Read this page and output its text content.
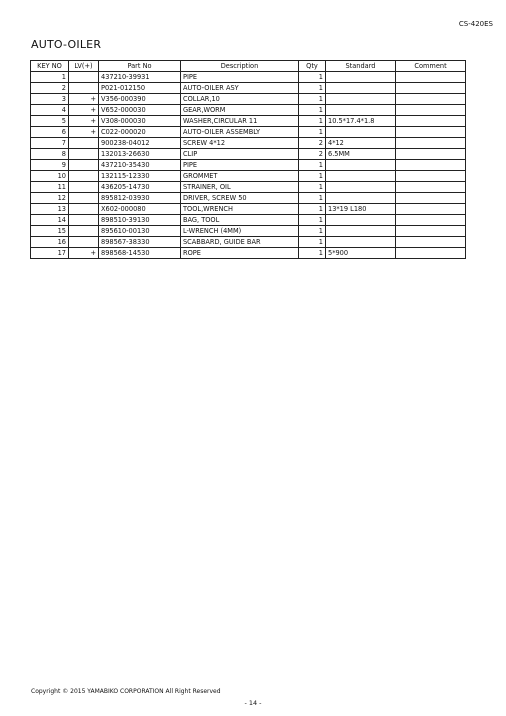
CS-420ES
AUTO-OILER
KEY NO	LV(+)	Part No	Description	Qty	Standard	Comment
1		437210-39931	PIPE	1		
2		P021-012150	AUTO-OILER ASY	1		
3	+	V356-000390	COLLAR,10	1		
4	+	V652-000030	GEAR,WORM	1		
5	+	V308-000030	WASHER,CIRCULAR 11	1	10.5*17.4*1.8	
6	+	C022-000020	AUTO-OILER ASSEMBLY	1		
7		900238-04012	SCREW 4*12	2	4*12	
8		132013-26630	CLIP	2	6.5MM	
9		437210-35430	PIPE	1		
10		132115-12330	GROMMET	1		
11		436205-14730	STRAINER, OIL	1		
12		895812-03930	DRIVER, SCREW 50	1		
13		X602-000080	TOOL,WRENCH	1	13*19 L180	
14		898510-39130	BAG, TOOL	1		
15		895610-00130	L-WRENCH (4MM)	1		
16		898567-38330	SCABBARD, GUIDE BAR	1		
17	+	898568-14530	ROPE	1	5*900	
Copyright © 2015 YAMABIKO CORPORATION All Right Reserved
- 14 -
